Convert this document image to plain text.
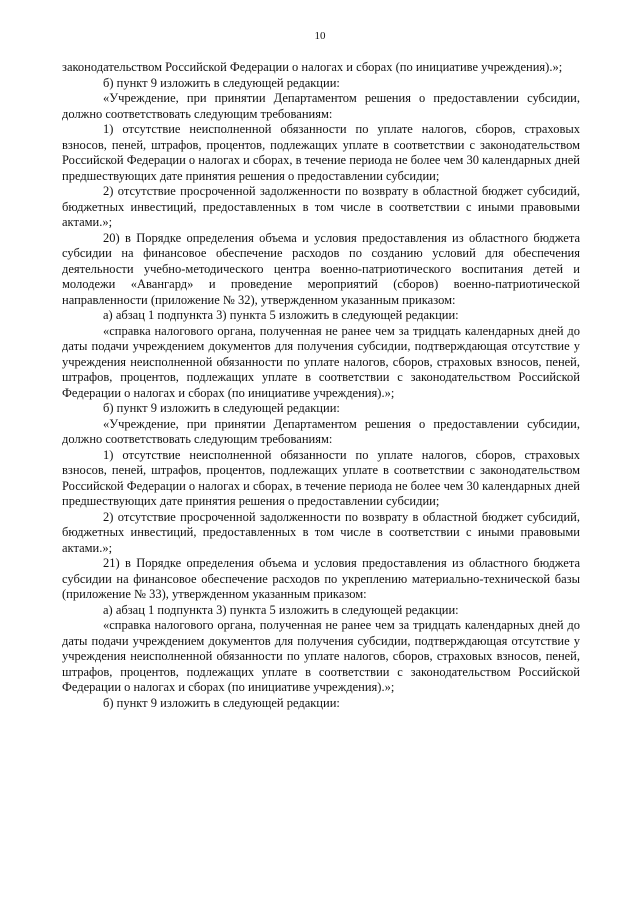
10

законодательством Российской Федерации о налогах и сборах (по инициативе учреждения).»;

б) пункт 9 изложить в следующей редакции:

«Учреждение, при принятии Департаментом решения о предоставлении субсидии, должно соответствовать следующим требованиям:

1) отсутствие неисполненной обязанности по уплате налогов, сборов, страховых взносов, пеней, штрафов, процентов, подлежащих уплате в соответствии с законодательством Российской Федерации о налогах и сборах, в течение периода не более чем 30 календарных дней предшествующих дате принятия решения о предоставлении субсидии;

2) отсутствие просроченной задолженности по возврату в областной бюджет субсидий, бюджетных инвестиций, предоставленных в том числе в соответствии с иными правовыми актами.»;

20) в Порядке определения объема и условия предоставления из областного бюджета субсидии на финансовое обеспечение расходов по созданию условий для обеспечения деятельности учебно-методического центра военно-патриотического воспитания детей и молодежи «Авангард» и проведение мероприятий (сборов) военно-патриотической направленности (приложение № 32), утвержденном указанным приказом:

а) абзац 1 подпункта 3) пункта 5 изложить в следующей редакции:

«справка налогового органа, полученная не ранее чем за тридцать календарных дней до даты подачи учреждением документов для получения субсидии, подтверждающая отсутствие у учреждения неисполненной обязанности по уплате налогов, сборов, страховых взносов, пеней, штрафов, процентов, подлежащих уплате в соответствии с законодательством Российской Федерации о налогах и сборах (по инициативе учреждения).»;

б) пункт 9 изложить в следующей редакции:

«Учреждение, при принятии Департаментом решения о предоставлении субсидии, должно соответствовать следующим требованиям:

1) отсутствие неисполненной обязанности по уплате налогов, сборов, страховых взносов, пеней, штрафов, процентов, подлежащих уплате в соответствии с законодательством Российской Федерации о налогах и сборах, в течение периода не более чем 30 календарных дней предшествующих дате принятия решения о предоставлении субсидии;

2) отсутствие просроченной задолженности по возврату в областной бюджет субсидий, бюджетных инвестиций, предоставленных в том числе в соответствии с иными правовыми актами.»;

21) в Порядке определения объема и условия предоставления из областного бюджета субсидии на финансовое обеспечение расходов по укреплению материально-технической базы (приложение № 33), утвержденном указанным приказом:

а) абзац 1 подпункта 3) пункта 5 изложить в следующей редакции:

«справка налогового органа, полученная не ранее чем за тридцать календарных дней до даты подачи учреждением документов для получения субсидии, подтверждающая отсутствие у учреждения неисполненной обязанности по уплате налогов, сборов, страховых взносов, пеней, штрафов, процентов, подлежащих уплате в соответствии с законодательством Российской Федерации о налогах и сборах (по инициативе учреждения).»;

б) пункт 9 изложить в следующей редакции:
